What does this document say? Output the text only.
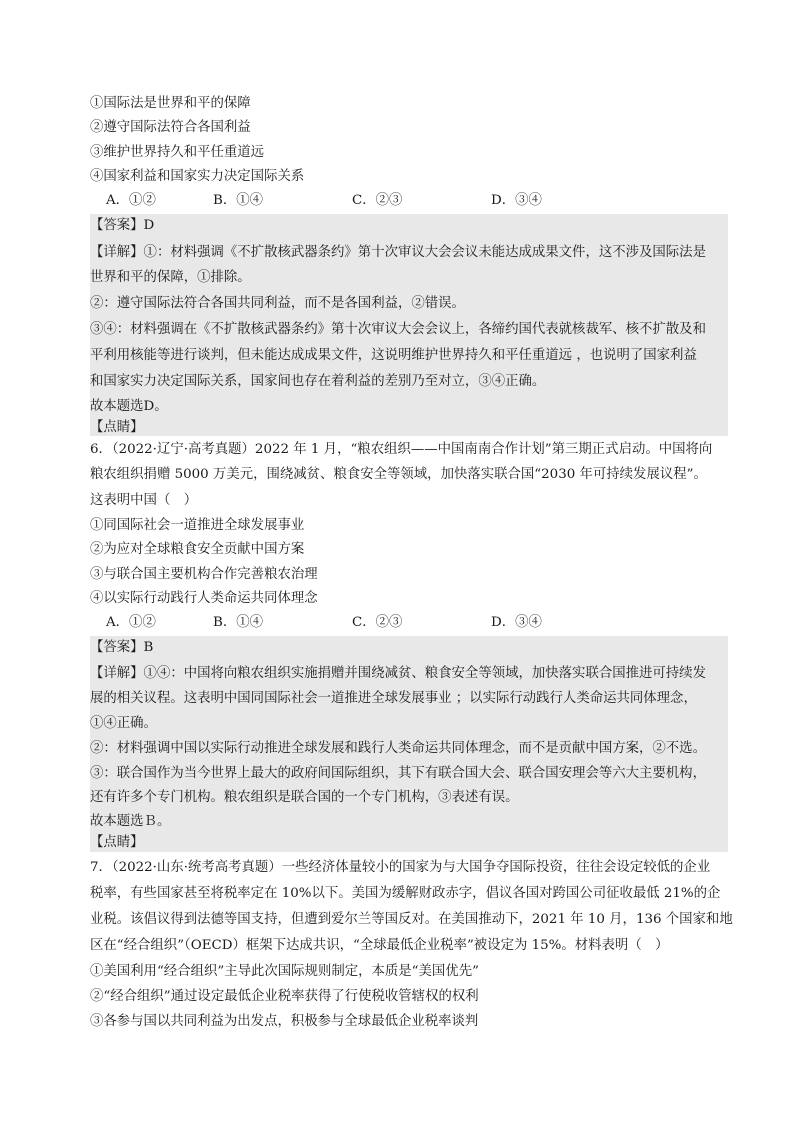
①国际法是世界和平的保障
②遵守国际法符合各国利益
③维护世界持久和平任重道远
④国家利益和国家实力决定国际关系
A．①②	B．①④	C．②③	D．③④
【答案】D
【详解】①：材料强调《不扩散核武器条约》第十次审议大会会议未能达成成果文件，这不涉及国际法是
世界和平的保障，①排除。
②：遵守国际法符合各国共同利益，而不是各国利益，②错误。
③④：材料强调在《不扩散核武器条约》第十次审议大会会议上，各缔约国代表就核裁军、核不扩散及和
平利用核能等进行谈判，但未能达成成果文件，这说明维护世界持久和平任重道远 ，也说明了国家利益
和国家实力决定国际关系，国家间也存在着利益的差别乃至对立，③④正确。
故本题选D。
【点睛】
6．（2022·辽宁·高考真题）2022 年 1 月，“粮农组织——中国南南合作计划”第三期正式启动。中国将向
粮农组织捐赠 5000 万美元，围绕减贫、粮食安全等领域，加快落实联合国“2030 年可持续发展议程”。
这表明中国（　）
①同国际社会一道推进全球发展事业
②为应对全球粮食安全贡献中国方案
③与联合国主要机构合作完善粮农治理
④以实际行动践行人类命运共同体理念
A．①②	B．①④	C．②③	D．③④
【答案】B
【详解】①④：中国将向粮农组织实施捐赠并围绕减贫、粮食安全等领域，加快落实联合国推进可持续发
展的相关议程。这表明中国同国际社会一道推进全球发展事业 ；以实际行动践行人类命运共同体理念，
①④正确。
②：材料强调中国以实际行动推进全球发展和践行人类命运共同体理念，而不是贡献中国方案，②不选。
③：联合国作为当今世界上最大的政府间国际组织，其下有联合国大会、联合国安理会等六大主要机构，
还有许多个专门机构。粮农组织是联合国的一个专门机构，③表述有误。
故本题选Ｂ。
【点睛】
7．（2022·山东·统考高考真题）一些经济体量较小的国家为与大国争夺国际投资，往往会设定较低的企业
税率，有些国家甚至将税率定在 10%以下。美国为缓解财政赤字，倡议各国对跨国公司征收最低 21%的企
业税。该倡议得到法德等国支持，但遭到爱尔兰等国反对。在美国推动下，2021 年 10 月，136 个国家和地
区在“经合组织”（OECD）框架下达成共识，“全球最低企业税率”被设定为 15%。材料表明（　）
①美国利用“经合组织”主导此次国际规则制定，本质是“美国优先”
②“经合组织”通过设定最低企业税率获得了行使税收管辖权的权利
③各参与国以共同利益为出发点，积极参与全球最低企业税率谈判
